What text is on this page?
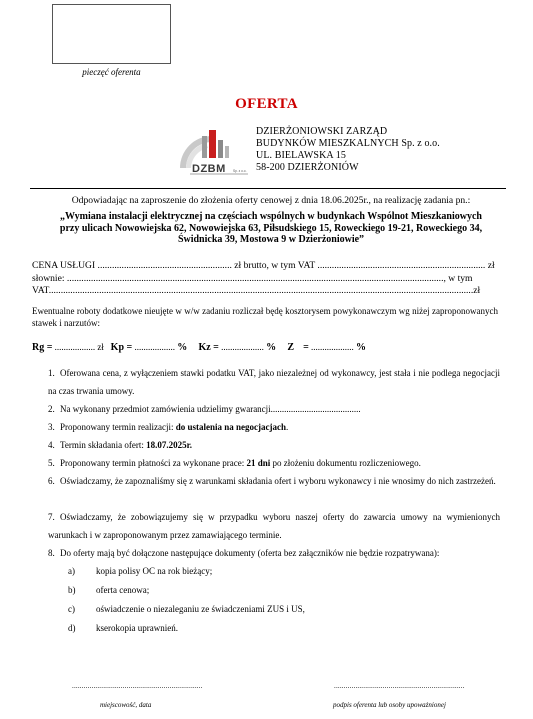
pieczęć oferenta
OFERTA
DZBM Sp. z o.o.
DZIERŻONIOWSKI ZARZĄD
BUDYNKÓW MIESZKALNYCH Sp. z o.o.
UL. BIELAWSKA 15
58-200 DZIERŻONIÓW
Odpowiadając na zaproszenie do złożenia oferty cenowej z dnia 18.06.2025r., na realizację zadania pn.:
„Wymiana instalacji elektrycznej na częściach wspólnych w budynkach Wspólnot Mieszkaniowych
przy ulicach Nowowiejska 62, Nowowiejska 63, Piłsudskiego 15, Roweckiego 19-21, Roweckiego 34,
Świdnicka 39, Mostowa 9 w Dzierżoniowie”
CENA USŁUGI ........................................................ zł brutto, w tym VAT ...................................................................... zł
słownie: ............................................................................................................................................................., w tym
VAT.................................................................................................................................................................................zł
Ewentualne roboty dodatkowe nieujęte w w/w zadaniu rozliczał będę kosztorysem powykonawczym wg niżej zaproponowanych stawek i narzutów:
Rg = .................. zł Kp = .................. % Kz = ................... % Z = ................... %
1. Oferowana cena, z wyłączeniem stawki podatku VAT, jako niezależnej od wykonawcy, jest stała i nie podlega negocjacji na czas trwania umowy.
2. Na wykonany przedmiot zamówienia udzielimy gwarancji........................................
3. Proponowany termin realizacji: do ustalenia na negocjacjach.
4. Termin składania ofert: 18.07.2025r.
5. Proponowany termin płatności za wykonane prace: 21 dni po złożeniu dokumentu rozliczeniowego.
6. Oświadczamy, że zapoznaliśmy się z warunkami składania ofert i wyboru wykonawcy i nie wnosimy do nich zastrzeżeń.
7. Oświadczamy, że zobowiązujemy się w przypadku wyboru naszej oferty do zawarcia umowy na wymienionych warunkach i w zaproponowanym przez zamawiającego terminie.
8. Do oferty mają być dołączone następujące dokumenty (oferta bez załączników nie będzie rozpatrywana):
a) kopia polisy OC na rok bieżący;
b) oferta cenowa;
c) oświadczenie o niezaleganiu ze świadczeniami ZUS i US,
d) kserokopia uprawnień.
...................................................................
miejscowość, data
...................................................................
podpis oferenta lub osoby upoważnionej
